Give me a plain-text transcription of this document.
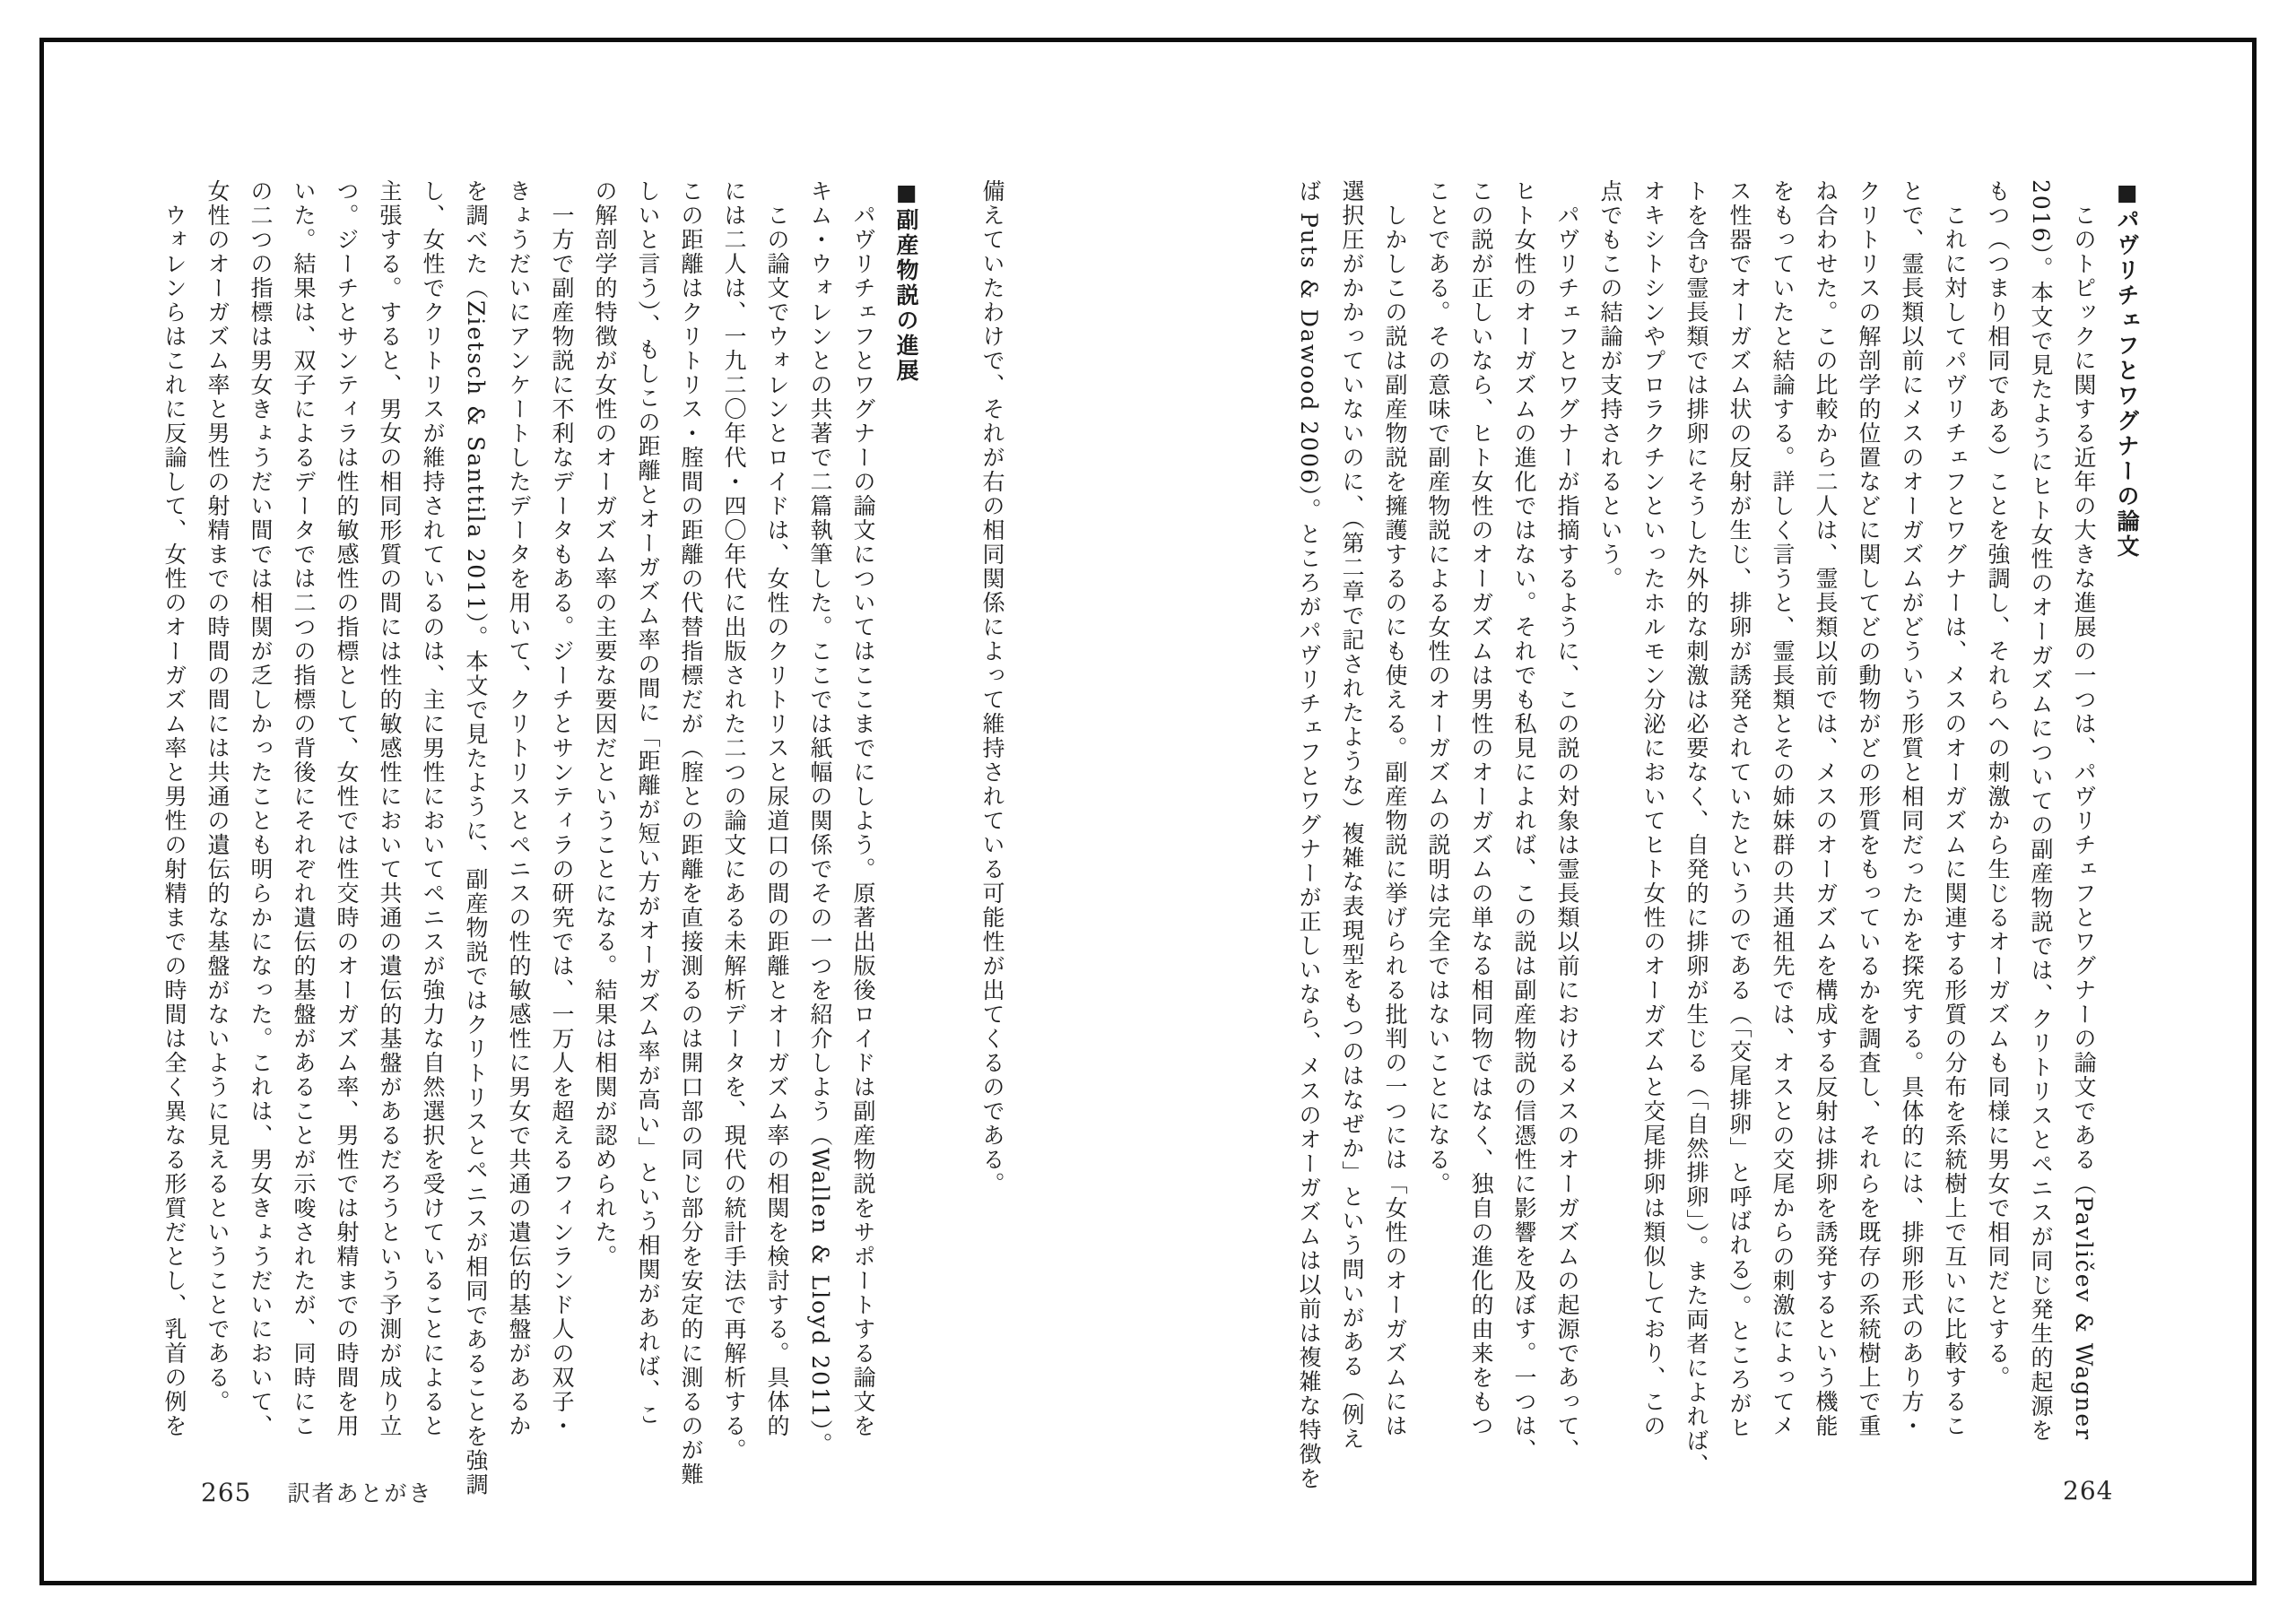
■パヴリチェフとワグナーの論文
　このトピックに関する近年の大きな進展の一つは、パヴリチェフとワグナーの論文である（Pavličev & Wagner
2016）。本文で見たようにヒト女性のオーガズムについての副産物説では、クリトリスとペニスが同じ発生的起源を
もつ（つまり相同である）ことを強調し、それらへの刺激から生じるオーガズムも同様に男女で相同だとする。
　これに対してパヴリチェフとワグナーは、メスのオーガズムに関連する形質の分布を系統樹上で互いに比較するこ
とで、霊長類以前にメスのオーガズムがどういう形質と相同だったかを探究する。具体的には、排卵形式のあり方・
クリトリスの解剖学的位置などに関してどの動物がどの形質をもっているかを調査し、それらを既存の系統樹上で重
ね合わせた。この比較から二人は、霊長類以前では、メスのオーガズムを構成する反射は排卵を誘発するという機能
をもっていたと結論する。詳しく言うと、霊長類とその姉妹群の共通祖先では、オスとの交尾からの刺激によってメ
ス性器でオーガズム状の反射が生じ、排卵が誘発されていたというのである（「交尾排卵」と呼ばれる）。ところがヒ
トを含む霊長類では排卵にそうした外的な刺激は必要なく、自発的に排卵が生じる（「自然排卵」）。また両者によれば、
オキシトシンやプロラクチンといったホルモン分泌においてヒト女性のオーガズムと交尾排卵は類似しており、この
点でもこの結論が支持されるという。
　パヴリチェフとワグナーが指摘するように、この説の対象は霊長類以前におけるメスのオーガズムの起源であって、
ヒト女性のオーガズムの進化ではない。それでも私見によれば、この説は副産物説の信憑性に影響を及ぼす。一つは、
この説が正しいなら、ヒト女性のオーガズムは男性のオーガズムの単なる相同物ではなく、独自の進化的由来をもつ
ことである。その意味で副産物説による女性のオーガズムの説明は完全ではないことになる。
　しかしこの説は副産物説を擁護するのにも使える。副産物説に挙げられる批判の一つには「女性のオーガズムには
選択圧がかかっていないのに、（第二章で記されたような）複雑な表現型をもつのはなぜか」という問いがある（例え
ば Puts & Dawood 2006）。ところがパヴリチェフとワグナーが正しいなら、メスのオーガズムは以前は複雑な特徴を
備えていたわけで、それが右の相同関係によって維持されている可能性が出てくるのである。
■副産物説の進展
　パヴリチェフとワグナーの論文についてはここまでにしよう。原著出版後ロイドは副産物説をサポートする論文を
キム・ウォレンとの共著で二篇執筆した。ここでは紙幅の関係でその一つを紹介しよう（Wallen & Lloyd 2011）。
　この論文でウォレンとロイドは、女性のクリトリスと尿道口の間の距離とオーガズム率の相関を検討する。具体的
には二人は、一九二〇年代・四〇年代に出版された二つの論文にある未解析データを、現代の統計手法で再解析する。
この距離はクリトリス・腟間の距離の代替指標だが（腟との距離を直接測るのは開口部の同じ部分を安定的に測るのが難
しいと言う）、もしこの距離とオーガズム率の間に「距離が短い方がオーガズム率が高い」という相関があれば、こ
の解剖学的特徴が女性のオーガズム率の主要な要因だということになる。結果は相関が認められた。
　一方で副産物説に不利なデータもある。ジーチとサンティラの研究では、一万人を超えるフィンランド人の双子・
きょうだいにアンケートしたデータを用いて、クリトリスとペニスの性的敏感性に男女で共通の遺伝的基盤があるか
を調べた（Zietsch & Santtila 2011）。本文で見たように、副産物説ではクリトリスとペニスが相同であることを強調
し、女性でクリトリスが維持されているのは、主に男性においてペニスが強力な自然選択を受けていることによると
主張する。すると、男女の相同形質の間には性的敏感性において共通の遺伝的基盤があるだろうという予測が成り立
つ。ジーチとサンティラは性的敏感性の指標として、女性では性交時のオーガズム率、男性では射精までの時間を用
いた。結果は、双子によるデータでは二つの指標の背後にそれぞれ遺伝的基盤があることが示唆されたが、同時にこ
の二つの指標は男女きょうだい間では相関が乏しかったことも明らかになった。これは、男女きょうだいにおいて、
女性のオーガズム率と男性の射精までの時間の間には共通の遺伝的な基盤がないように見えるということである。
　ウォレンらはこれに反論して、女性のオーガズム率と男性の射精までの時間は全く異なる形質だとし、乳首の例を
264
265 訳者あとがき
